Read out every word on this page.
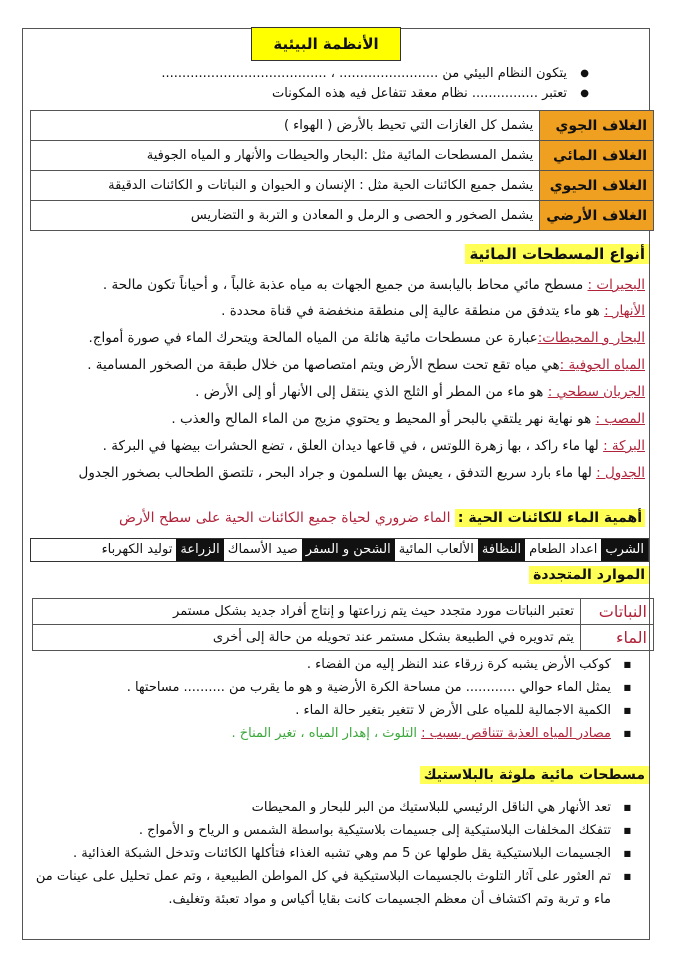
الأنظمة البيئية
● يتكون النظام البيئي من ........................ ، ........................................
● تعتبر ................ نظام معقد تتفاعل فيه هذه المكونات
الغلاف الجوي	يشمل كل الغازات التي تحيط بالأرض ( الهواء )
الغلاف المائي	يشمل المسطحات المائية مثل :البحار والحيطات والأنهار و المياه الجوفية
الغلاف الحيوي	يشمل جميع الكائنات الحية مثل : الإنسان و الحيوان و النباتات و الكائنات الدقيقة
الغلاف الأرضي	يشمل الصخور و الحصى و الرمل و المعادن و التربة و التضاريس
أنواع المسطحات المائية
البحيرات : مسطح مائي محاط باليابسة من جميع الجهات به مياه عذبة غالباً ، و أحياناً تكون مالحة .
الأنهار : هو ماء يتدفق من منطقة عالية إلى منطقة منخفضة في قناة محددة .
البحار و المحيطات:عبارة عن مسطحات مائية هائلة من المياه المالحة ويتحرك الماء في صورة أمواج.
المياه الجوفية :هي مياه تقع تحت سطح الأرض ويتم امتصاصها من خلال طبقة من الصخور المسامية .
الجريان سطحي : هو ماء من المطر أو الثلج الذي ينتقل إلى الأنهار أو إلى الأرض .
المصب : هو نهاية نهر يلتقي بالبحر أو المحيط و يحتوي مزيج من الماء المالح والعذب .
البركة : لها ماء راكد ، بها زهرة اللوتس ، في قاعها ديدان العلق ، تضع الحشرات بيضها في البركة .
الجدول : لها ماء بارد سريع التدفق ، يعيش بها السلمون و جراد البحر ، تلتصق الطحالب بصخور الجدول
أهمية الماء للكائنات الحية : الماء ضروري لحياة جميع الكائنات الحية على سطح الأرض
الشرب
اعداد الطعام
النظافة
الألعاب المائية
الشحن و السفر
صيد الأسماك
الزراعة
توليد الكهرباء
الموارد المتجددة
النباتات	تعتبر النباتات مورد متجدد حيث يتم زراعتها و إنتاج أفراد جديد بشكل مستمر
الماء	يتم تدويره في الطبيعة بشكل مستمر عند تحويله من حالة إلى أخرى
■ كوكب الأرض يشبه كرة زرقاء عند النظر إليه من الفضاء .
■ يمثل الماء حوالي ............ من مساحة الكرة الأرضية و هو ما يقرب من .......... مساحتها .
■ الكمية الاجمالية للمياه على الأرض لا تتغير بتغير حالة الماء .
■ مصادر المياه العذبة تتناقص بسبب : التلوث ، إهدار المياه ، تغير المناخ .
مسطحات مائية ملوثة بالبلاستيك
■ تعد الأنهار هي الناقل الرئيسي للبلاستيك من البر للبحار و المحيطات
■ تتفكك المخلفات البلاستيكية إلى جسيمات بلاستيكية بواسطة الشمس و الرياح و الأمواج .
■ الجسيمات البلاستيكية يقل طولها عن 5 مم وهي تشبه الغذاء فتأكلها الكائنات وتدخل الشبكة الغذائية .
■ تم العثور على آثار التلوث بالجسيمات البلاستيكية في كل المواطن الطبيعية ، وتم عمل تحليل على عينات من ماء و تربة وتم اكتشاف أن معظم الجسيمات كانت بقايا أكياس و مواد تعبئة وتغليف.
